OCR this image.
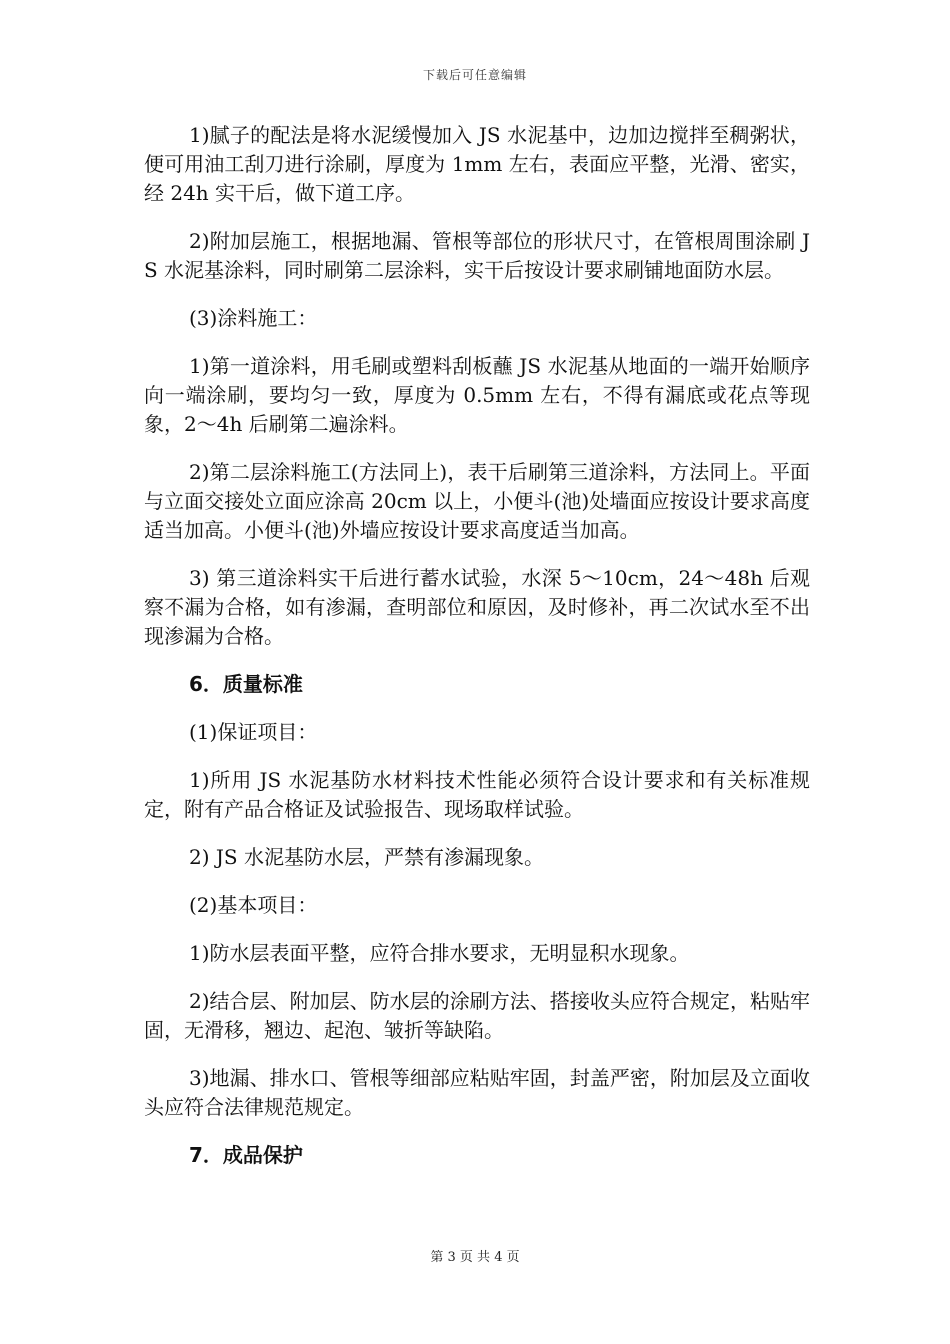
下载后可任意编辑

1)腻子的配法是将水泥缓慢加入 JS 水泥基中，边加边搅拌至稠粥状，便可用油工刮刀进行涂刷，厚度为 1mm 左右，表面应平整，光滑、密实，经 24h 实干后，做下道工序。

2)附加层施工，根据地漏、管根等部位的形状尺寸，在管根周围涂刷 JS 水泥基涂料，同时刷第二层涂料，实干后按设计要求刷铺地面防水层。

(3)涂料施工：

1)第一道涂料，用毛刷或塑料刮板蘸 JS 水泥基从地面的一端开始顺序向一端涂刷，要均匀一致，厚度为 0.5mm 左右，不得有漏底或花点等现象，2～4h 后刷第二遍涂料。

2)第二层涂料施工(方法同上)，表干后刷第三道涂料，方法同上。平面与立面交接处立面应涂高 20cm 以上，小便斗(池)处墙面应按设计要求高度适当加高。小便斗(池)外墙应按设计要求高度适当加高。

3) 第三道涂料实干后进行蓄水试验，水深 5～10cm，24～48h 后观察不漏为合格，如有渗漏，查明部位和原因，及时修补，再二次试水至不出现渗漏为合格。

6．质量标准

(1)保证项目：

1)所用 JS 水泥基防水材料技术性能必须符合设计要求和有关标准规定，附有产品合格证及试验报告、现场取样试验。

2) JS 水泥基防水层，严禁有渗漏现象。

(2)基本项目：

1)防水层表面平整，应符合排水要求，无明显积水现象。

2)结合层、附加层、防水层的涂刷方法、搭接收头应符合规定，粘贴牢固，无滑移，翘边、起泡、皱折等缺陷。

3)地漏、排水口、管根等细部应粘贴牢固，封盖严密，附加层及立面收头应符合法律规范规定。

7．成品保护

第 3 页 共 4 页
